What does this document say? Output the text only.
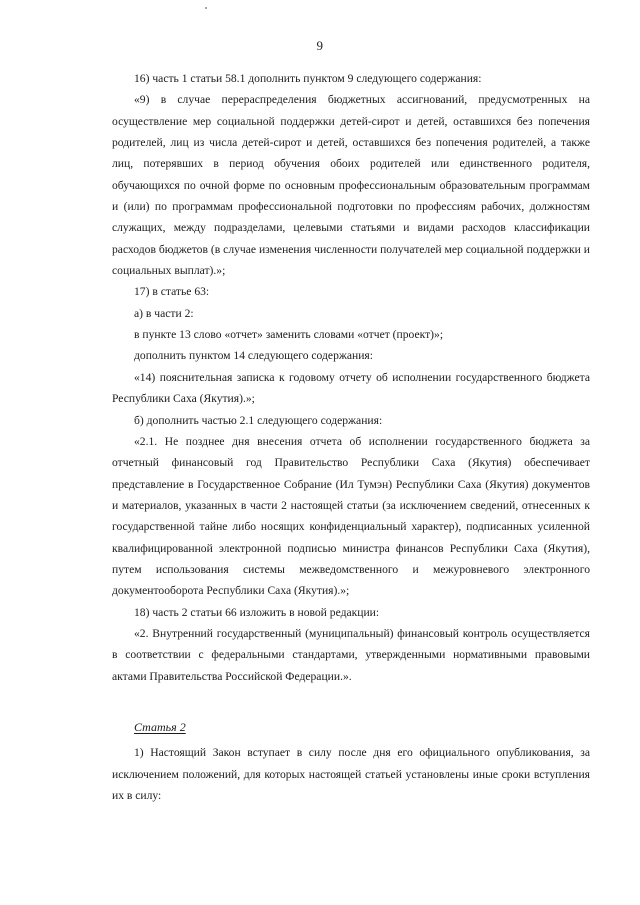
9

16) часть 1 статьи 58.1 дополнить пунктом 9 следующего содержания:

«9) в случае перераспределения бюджетных ассигнований, предусмотренных на осуществление мер социальной поддержки детей-сирот и детей, оставшихся без попечения родителей, лиц из числа детей-сирот и детей, оставшихся без попечения родителей, а также лиц, потерявших в период обучения обоих родителей или единственного родителя, обучающихся по очной форме по основным профессиональным образовательным программам и (или) по программам профессиональной подготовки по профессиям рабочих, должностям служащих, между подразделами, целевыми статьями и видами расходов классификации расходов бюджетов (в случае изменения численности получателей мер социальной поддержки и социальных выплат).»;

17) в статье 63:

а) в части 2:

в пункте 13 слово «отчет» заменить словами «отчет (проект)»;

дополнить пунктом 14 следующего содержания:

«14) пояснительная записка к годовому отчету об исполнении государственного бюджета Республики Саха (Якутия).»;

б) дополнить частью 2.1 следующего содержания:

«2.1. Не позднее дня внесения отчета об исполнении государственного бюджета за отчетный финансовый год Правительство Республики Саха (Якутия) обеспечивает представление в Государственное Собрание (Ил Тумэн) Республики Саха (Якутия) документов и материалов, указанных в части 2 настоящей статьи (за исключением сведений, отнесенных к государственной тайне либо носящих конфиденциальный характер), подписанных усиленной квалифицированной электронной подписью министра финансов Республики Саха (Якутия), путем использования системы межведомственного и межуровневого электронного документооборота Республики Саха (Якутия).»;

18) часть 2 статьи 66 изложить в новой редакции:

«2. Внутренний государственный (муниципальный) финансовый контроль осуществляется в соответствии с федеральными стандартами, утвержденными нормативными правовыми актами Правительства Российской Федерации.».

Статья 2

1) Настоящий Закон вступает в силу после дня его официального опубликования, за исключением положений, для которых настоящей статьей установлены иные сроки вступления их в силу:
